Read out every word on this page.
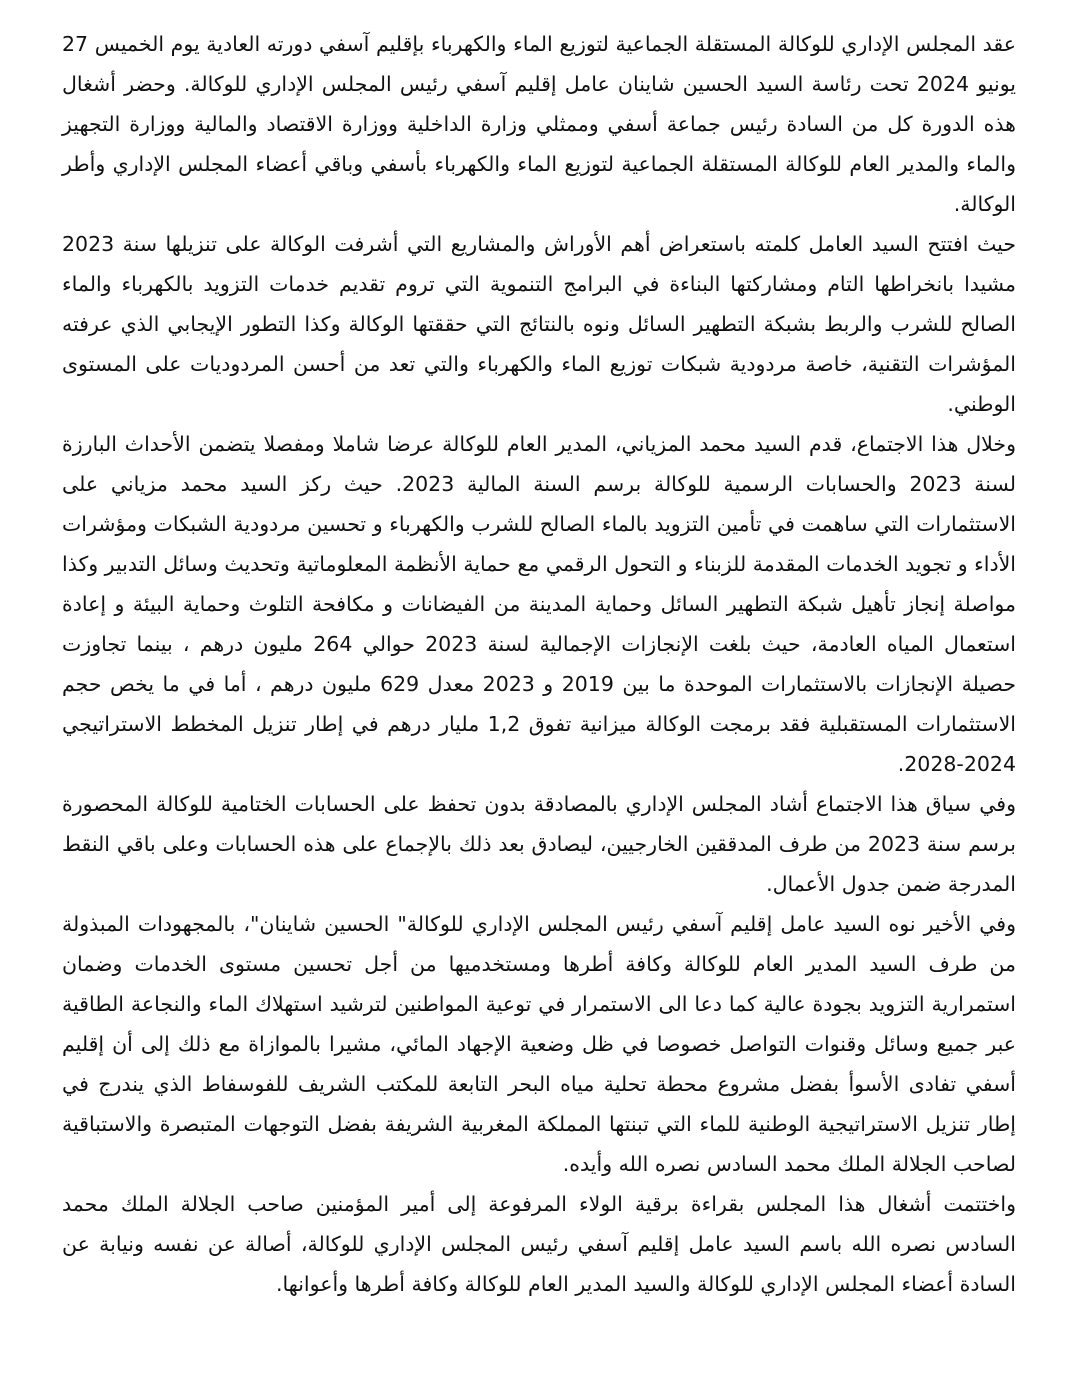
عقد المجلس الإداري للوكالة المستقلة الجماعية لتوزيع الماء والكهرباء بإقليم آسفي دورته العادية يوم الخميس 27 يونيو 2024 تحت رئاسة السيد الحسين شاينان عامل إقليم آسفي رئيس المجلس الإداري للوكالة. وحضر أشغال هذه الدورة كل من السادة رئيس جماعة أسفي وممثلي وزارة الداخلية ووزارة الاقتصاد والمالية ووزارة التجهيز والماء والمدير العام للوكالة المستقلة الجماعية لتوزيع الماء والكهرباء بأسفي وباقي أعضاء المجلس الإداري وأطر الوكالة.

حيث افتتح السيد العامل كلمته باستعراض أهم الأوراش والمشاريع التي أشرفت الوكالة على تنزيلها سنة 2023 مشيدا بانخراطها التام ومشاركتها البناءة في البرامج التنموية التي تروم تقديم خدمات التزويد بالكهرباء والماء الصالح للشرب والربط بشبكة التطهير السائل ونوه بالنتائج التي حققتها الوكالة وكذا التطور الإيجابي الذي عرفته المؤشرات التقنية، خاصة مردودية شبكات توزيع الماء والكهرباء والتي تعد من أحسن المردوديات على المستوى الوطني.

وخلال هذا الاجتماع، قدم السيد محمد المزياني، المدير العام للوكالة عرضا شاملا ومفصلا يتضمن الأحداث البارزة لسنة 2023 والحسابات الرسمية للوكالة برسم السنة المالية 2023. حيث ركز السيد محمد مزياني على الاستثمارات التي ساهمت في تأمين التزويد بالماء الصالح للشرب والكهرباء و تحسين مردودية الشبكات ومؤشرات الأداء و تجويد الخدمات المقدمة للزبناء و التحول الرقمي مع حماية الأنظمة المعلوماتية وتحديث وسائل التدبير وكذا مواصلة إنجاز تأهيل شبكة التطهير السائل وحماية المدينة من الفيضانات و مكافحة التلوث وحماية البيئة و إعادة استعمال المياه العادمة، حيث بلغت الإنجازات الإجمالية لسنة 2023 حوالي 264 مليون درهم ، بينما تجاوزت حصيلة الإنجازات بالاستثمارات الموحدة ما بين 2019 و 2023 معدل 629 مليون درهم ، أما في ما يخص حجم الاستثمارات المستقبلية فقد برمجت الوكالة ميزانية تفوق 1,2 مليار درهم في إطار تنزيل المخطط الاستراتيجي 2024-2028.

وفي سياق هذا الاجتماع أشاد المجلس الإداري بالمصادقة بدون تحفظ على الحسابات الختامية للوكالة المحصورة برسم سنة 2023 من طرف المدققين الخارجيين، ليصادق بعد ذلك بالإجماع على هذه الحسابات وعلى باقي النقط المدرجة ضمن جدول الأعمال.

وفي الأخير نوه السيد عامل إقليم آسفي رئيس المجلس الإداري للوكالة" الحسين شاينان"، بالمجهودات المبذولة من طرف السيد المدير العام للوكالة وكافة أطرها ومستخدميها من أجل تحسين مستوى الخدمات وضمان استمرارية التزويد بجودة عالية كما دعا الى الاستمرار في توعية المواطنين لترشيد استهلاك الماء والنجاعة الطاقية عبر جميع وسائل وقنوات التواصل خصوصا في ظل وضعية الإجهاد المائي، مشيرا بالموازاة مع ذلك إلى أن إقليم أسفي تفادى الأسوأ بفضل مشروع محطة تحلية مياه البحر التابعة للمكتب الشريف للفوسفاط الذي يندرج في إطار تنزيل الاستراتيجية الوطنية للماء التي تبنتها المملكة المغربية الشريفة بفضل التوجهات المتبصرة والاستباقية لصاحب الجلالة الملك محمد السادس نصره الله وأيده.

واختتمت أشغال هذا المجلس بقراءة برقية الولاء المرفوعة إلى أمير المؤمنين صاحب الجلالة الملك محمد السادس نصره الله باسم السيد عامل إقليم آسفي رئيس المجلس الإداري للوكالة، أصالة عن نفسه ونيابة عن السادة أعضاء المجلس الإداري للوكالة والسيد المدير العام للوكالة وكافة أطرها وأعوانها.
